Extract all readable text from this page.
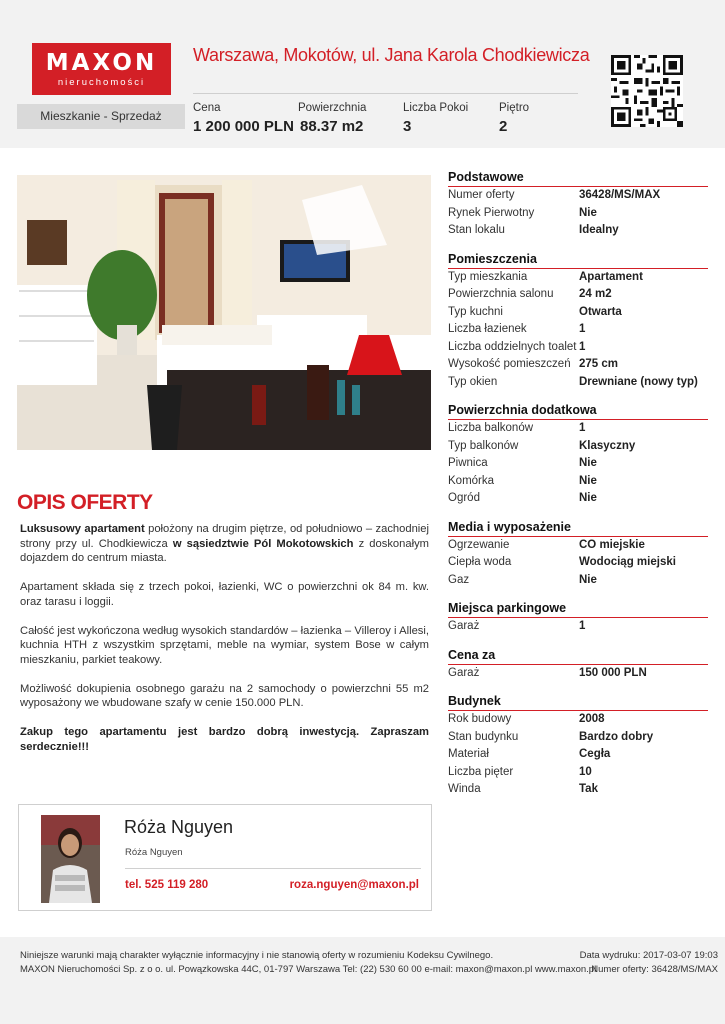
MAXON
nieruchomości
Warszawa, Mokotów, ul. Jana Karola Chodkiewicza
Mieszkanie - Sprzedaż
Cena
1 200 000 PLN
Powierzchnia
88.37 m2
Liczba Pokoi
3
Piętro
2
OPIS OFERTY

Luksusowy apartament położony na drugim piętrze, od południowo – zachodniej strony przy ul. Chodkiewicza w sąsiedztwie Pól Mokotowskich z doskonałym dojazdem do centrum miasta.

Apartament składa się z trzech pokoi, łazienki, WC o powierzchni ok 84 m. kw. oraz tarasu i loggii.

Całość jest wykończona według wysokich standardów – łazienka – Villeroy i Allesi, kuchnia HTH z wszystkim sprzętami, meble na wymiar, system Bose w całym mieszkaniu, parkiet teakowy.

Możliwość dokupienia osobnego garażu na 2 samochody o powierzchni 55 m2 wyposażony we wbudowane szafy w cenie 150.000 PLN.

Zakup tego apartamentu jest bardzo dobrą inwestycją. Zapraszam serdecznie!!!

Podstawowe
Numer oferty	36428/MS/MAX
Rynek Pierwotny	Nie
Stan lokalu	Idealny
Pomieszczenia
Typ mieszkania	Apartament
Powierzchnia salonu	24 m2
Typ kuchni	Otwarta
Liczba łazienek	1
Liczba oddzielnych toalet 1
Wysokość pomieszczeń 275 cm
Typ okien	Drewniane (nowy typ)
Powierzchnia dodatkowa
Liczba balkonów	1
Typ balkonów	Klasyczny
Piwnica	Nie
Komórka	Nie
Ogród	Nie
Media i wyposażenie
Ogrzewanie	CO miejskie
Ciepła woda	Wodociąg miejski
Gaz	Nie
Miejsca parkingowe
Garaż	1
Cena za
Garaż	150 000 PLN
Budynek
Rok budowy	2008
Stan budynku	Bardzo dobry
Materiał	Cegła
Liczba pięter	10
Winda	Tak
Róża Nguyen
Róża Nguyen
tel. 525 119 280	roza.nguyen@maxon.pl
Niniejsze warunki mają charakter wyłącznie informacyjny i nie stanowią oferty w rozumieniu Kodeksu Cywilnego.
MAXON Nieruchomości Sp. z o o. ul. Powązkowska 44C, 01-797 Warszawa Tel: (22) 530 60 00 e-mail: maxon@maxon.pl www.maxon.pl
Data wydruku: 2017-03-07 19:03
Numer oferty: 36428/MS/MAX
